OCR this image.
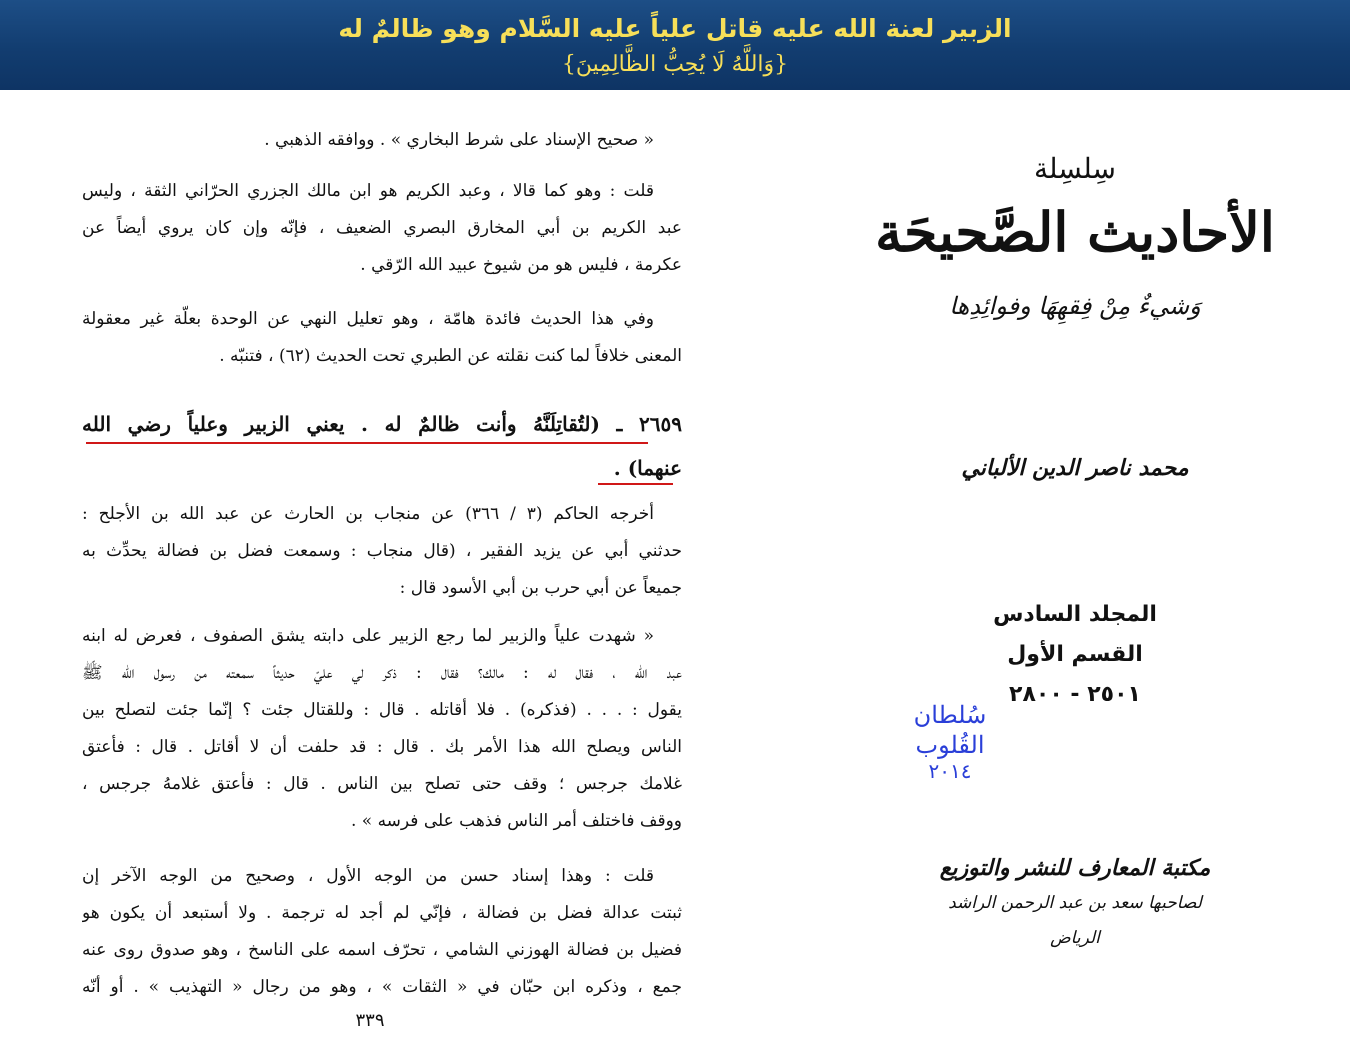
الزبير لعنة الله عليه قاتل علياً عليه السَّلام وهو ظالمٌ له
{وَاللَّهُ لَا يُحِبُّ الظَّالِمِينَ}
« صحيح الإسناد على شرط البخاري » . ووافقه الذهبي .
قلت : وهو كما قالا ، وعبد الكريم هو ابن مالك الجزري الحرّاني الثقة ، وليس
عبد الكريم بن أبي المخارق البصري الضعيف ، فإنّه وإن كان يروي أيضاً عن
عكرمة ، فليس هو من شيوخ عبيد الله الرّقي .
وفي هذا الحديث فائدة هامّة ، وهو تعليل النهي عن الوحدة بعلّة غير معقولة
المعنى خلافاً لما كنت نقلته عن الطبري تحت الحديث (٦٢) ، فتنبّه .
٢٦٥٩ ـ (لتُقاتِلَنَّهُ وأنت ظالمٌ له . يعني الزبير وعلياً رضي الله
عنهما) .
أخرجه الحاكم (٣ / ٣٦٦) عن منجاب بن الحارث عن عبد الله بن الأجلح :
حدثني أبي عن يزيد الفقير ، (قال منجاب : وسمعت فضل بن فضالة يحدِّث به
جميعاً عن أبي حرب بن أبي الأسود قال :
« شهدت علياً والزبير لما رجع الزبير على دابته يشق الصفوف ، فعرض له ابنه
عبد الله ، فقال له : مالك؟ فقال : ذكر لي عليّ حديثاً سمعته من رسول الله ﷺ
يقول : . . . (فذكره) . فلا أقاتله . قال : وللقتال جئت ؟ إنّما جئت لتصلح بين
الناس ويصلح الله هذا الأمر بك . قال : قد حلفت أن لا أقاتل . قال : فأعتق
غلامك جرجس ؛ وقف حتى تصلح بين الناس . قال : فأعتق غلامهُ جرجس ،
ووقف فاختلف أمر الناس فذهب على فرسه » .
قلت : وهذا إسناد حسن من الوجه الأول ، وصحيح من الوجه الآخر إن
ثبتت عدالة فضل بن فضالة ، فإنّي لم أجد له ترجمة . ولا أستبعد أن يكون هو
فضيل بن فضالة الهوزني الشامي ، تحرّف اسمه على الناسخ ، وهو صدوق روى عنه
جمع ، وذكره ابن حبّان في « الثقات » ، وهو من رجال « التهذيب » . أو أنّه
٣٣٩
سِلسِلة
الأحاديث الصَّحيحَة
وَشيءٌ مِنْ فِقهِهَا وفوائِدِها
محمد ناصر الدين الألباني
المجلد السادس
القسم الأول
٢٥٠١ - ٢٨٠٠
مكتبة المعارف للنشر والتوزيع
لصاحبها سعد بن عبد الرحمن الراشد
الرياض
سُلطان القُلوب
٢٠١٤
